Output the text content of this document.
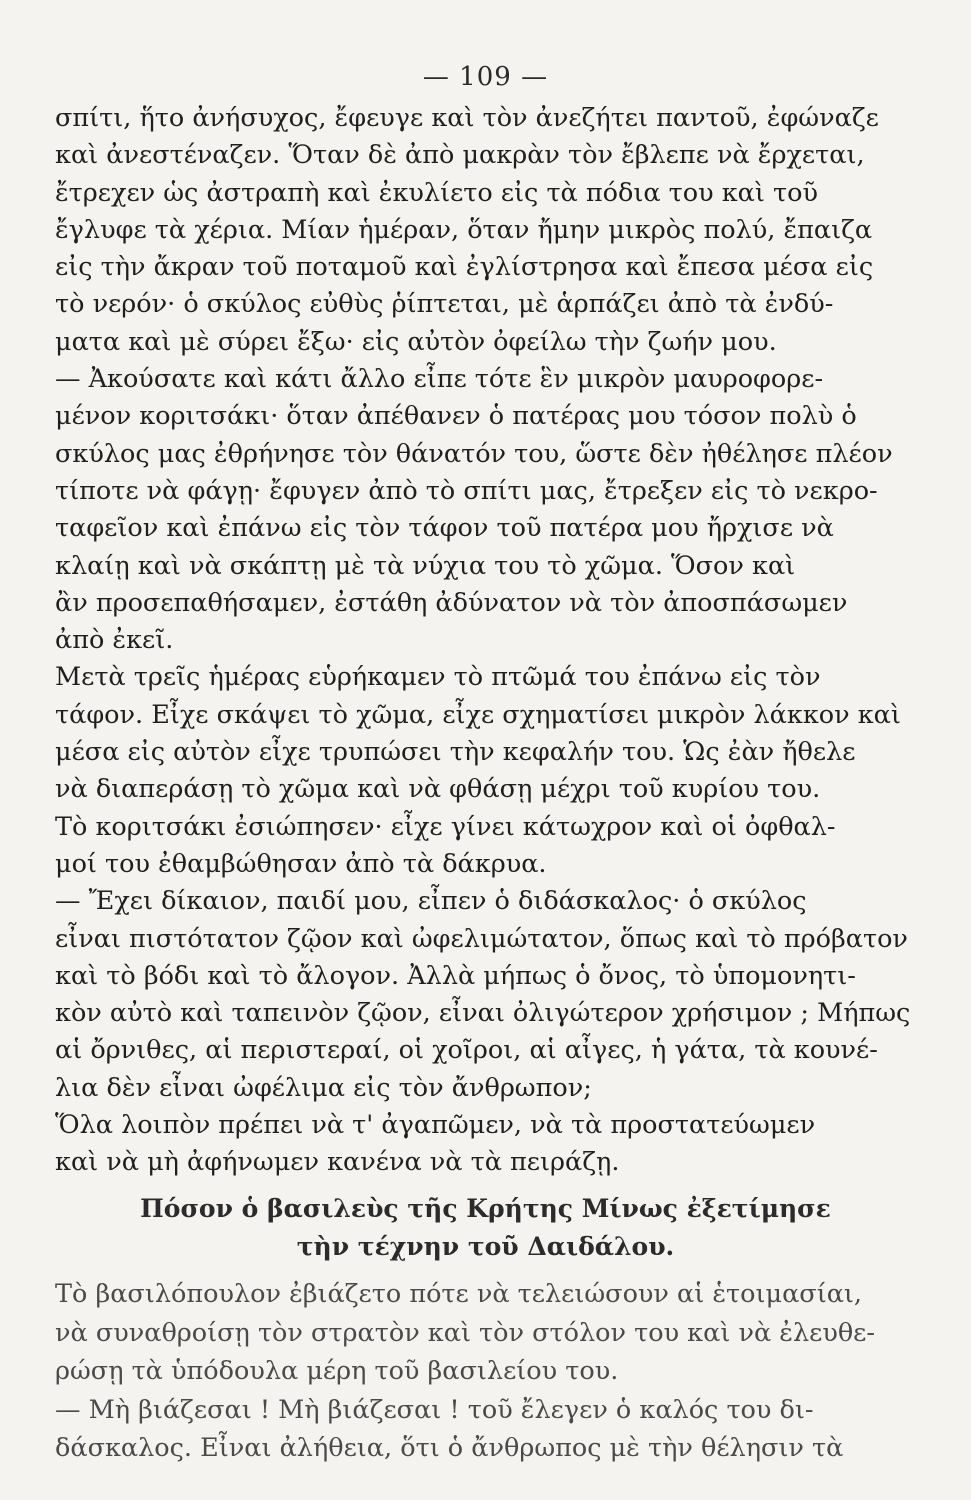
— 109 —
σπίτι, ἥτο ἀνήσυχος, ἔφευγε καὶ τὸν ἀνεζήτει παντοῦ, ἐφώναζε
καὶ ἀνεστέναζεν. Ὅταν δὲ ἀπὸ μακρὰν τὸν ἔβλεπε νὰ ἔρχεται,
ἔτρεχεν ὡς ἀστραπὴ καὶ ἐκυλίετο εἰς τὰ πόδια του καὶ τοῦ
ἔγλυφε τὰ χέρια. Μίαν ἡμέραν, ὅταν ἤμην μικρὸς πολύ, ἔπαιζα
εἰς τὴν ἄκραν τοῦ ποταμοῦ καὶ ἐγλίστρησα καὶ ἔπεσα μέσα εἰς
τὸ νερόν· ὁ σκύλος εὐθὺς ῥίπτεται, μὲ ἁρπάζει ἀπὸ τὰ ἐνδύ-
ματα καὶ μὲ σύρει ἔξω· εἰς αὐτὸν ὀφείλω τὴν ζωήν μου.
— Ἀκούσατε καὶ κάτι ἄλλο εἶπε τότε ἓν μικρὸν μαυροφορε-
μένον κοριτσάκι· ὅταν ἀπέθανεν ὁ πατέρας μου τόσον πολὺ ὁ
σκύλος μας ἐθρήνησε τὸν θάνατόν του, ὥστε δὲν ἠθέλησε πλέον
τίποτε νὰ φάγῃ· ἔφυγεν ἀπὸ τὸ σπίτι μας, ἔτρεξεν εἰς τὸ νεκρο-
ταφεῖον καὶ ἐπάνω εἰς τὸν τάφον τοῦ πατέρα μου ἤρχισε νὰ
κλαίῃ καὶ νὰ σκάπτῃ μὲ τὰ νύχια του τὸ χῶμα. Ὅσον καὶ
ἂν προσεπαθήσαμεν, ἐστάθη ἀδύνατον νὰ τὸν ἀποσπάσωμεν
ἀπὸ ἐκεῖ.
Μετὰ τρεῖς ἡμέρας εὑρήκαμεν τὸ πτῶμά του ἐπάνω εἰς τὸν
τάφον. Εἶχε σκάψει τὸ χῶμα, εἶχε σχηματίσει μικρὸν λάκκον καὶ
μέσα εἰς αὐτὸν εἶχε τρυπώσει τὴν κεφαλήν του. Ὡς ἐὰν ἤθελε
νὰ διαπεράσῃ τὸ χῶμα καὶ νὰ φθάσῃ μέχρι τοῦ κυρίου του.
Τὸ κοριτσάκι ἐσιώπησεν· εἶχε γίνει κάτωχρον καὶ οἱ ὀφθαλ-
μοί του ἐθαμβώθησαν ἀπὸ τὰ δάκρυα.
— Ἔχει δίκαιον, παιδί μου, εἶπεν ὁ διδάσκαλος· ὁ σκύλος
εἶναι πιστότατον ζῷον καὶ ὠφελιμώτατον, ὅπως καὶ τὸ πρόβατον
καὶ τὸ βόδι καὶ τὸ ἄλογον. Ἀλλὰ μήπως ὁ ὄνος, τὸ ὑπομονητι-
κὸν αὐτὸ καὶ ταπεινὸν ζῷον, εἶναι ὀλιγώτερον χρήσιμον ; Μήπως
αἱ ὄρνιθες, αἱ περιστεραί, οἱ χοῖροι, αἱ αἶγες, ἡ γάτα, τὰ κουνέ-
λια δὲν εἶναι ὠφέλιμα εἰς τὸν ἄνθρωπον;
Ὅλα λοιπὸν πρέπει νὰ τ' ἀγαπῶμεν, νὰ τὰ προστατεύωμεν
καὶ νὰ μὴ ἀφήνωμεν κανένα νὰ τὰ πειράζῃ.
Πόσον ὁ βασιλεὺς τῆς Κρήτης Μίνως ἐξετίμησε
τὴν τέχνην τοῦ Δαιδάλου.
Τὸ βασιλόπουλον ἐβιάζετο πότε νὰ τελειώσουν αἱ ἑτοιμασίαι,
νὰ συναθροίσῃ τὸν στρατὸν καὶ τὸν στόλον του καὶ νὰ ἐλευθε-
ρώσῃ τὰ ὑπόδουλα μέρη τοῦ βασιλείου του.
— Μὴ βιάζεσαι ! Μὴ βιάζεσαι ! τοῦ ἔλεγεν ὁ καλός του δι-
δάσκαλος. Εἶναι ἀλήθεια, ὅτι ὁ ἄνθρωπος μὲ τὴν θέλησιν τὰ
